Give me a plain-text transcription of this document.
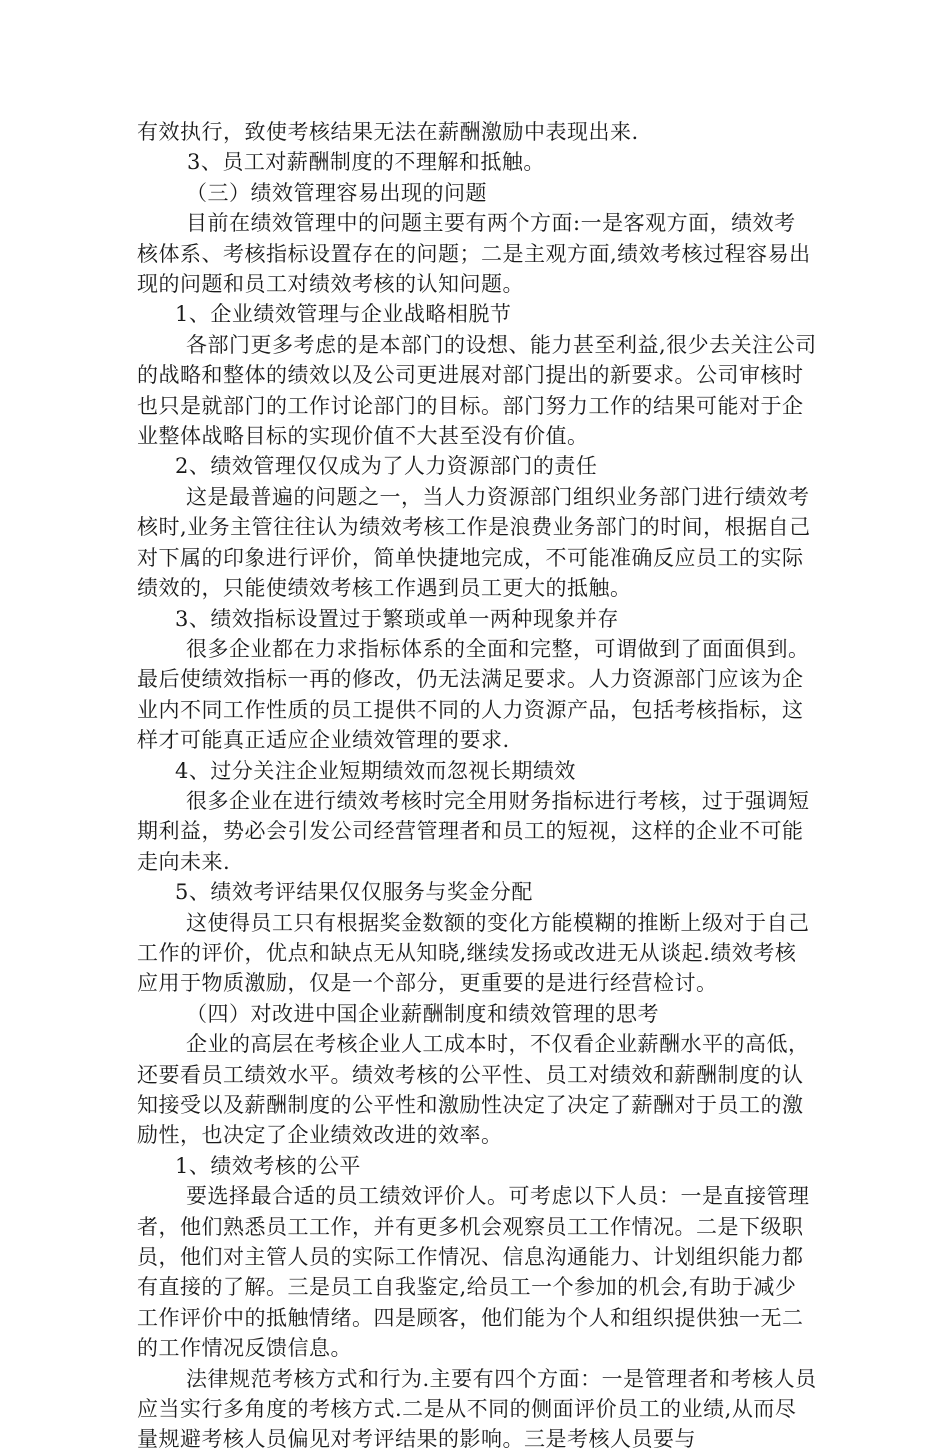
有效执行，致使考核结果无法在薪酬激励中表现出来.

3、员工对薪酬制度的不理解和抵触。

（三）绩效管理容易出现的问题

目前在绩效管理中的问题主要有两个方面:一是客观方面，绩效考核体系、考核指标设置存在的问题；二是主观方面,绩效考核过程容易出现的问题和员工对绩效考核的认知问题。

1、企业绩效管理与企业战略相脱节

各部门更多考虑的是本部门的设想、能力甚至利益,很少去关注公司的战略和整体的绩效以及公司更进展对部门提出的新要求。公司审核时也只是就部门的工作讨论部门的目标。部门努力工作的结果可能对于企业整体战略目标的实现价值不大甚至没有价值。

2、绩效管理仅仅成为了人力资源部门的责任

这是最普遍的问题之一，当人力资源部门组织业务部门进行绩效考核时,业务主管往往认为绩效考核工作是浪费业务部门的时间，根据自己对下属的印象进行评价，简单快捷地完成，不可能准确反应员工的实际绩效的，只能使绩效考核工作遇到员工更大的抵触。

3、绩效指标设置过于繁琐或单一两种现象并存

很多企业都在力求指标体系的全面和完整，可谓做到了面面俱到。最后使绩效指标一再的修改，仍无法满足要求。人力资源部门应该为企业内不同工作性质的员工提供不同的人力资源产品，包括考核指标，这样才可能真正适应企业绩效管理的要求.

4、过分关注企业短期绩效而忽视长期绩效

很多企业在进行绩效考核时完全用财务指标进行考核，过于强调短期利益，势必会引发公司经营管理者和员工的短视，这样的企业不可能走向未来.

5、绩效考评结果仅仅服务与奖金分配

这使得员工只有根据奖金数额的变化方能模糊的推断上级对于自己工作的评价，优点和缺点无从知晓,继续发扬或改进无从谈起.绩效考核应用于物质激励，仅是一个部分，更重要的是进行经营检讨。

（四）对改进中国企业薪酬制度和绩效管理的思考

企业的高层在考核企业人工成本时，不仅看企业薪酬水平的高低，还要看员工绩效水平。绩效考核的公平性、员工对绩效和薪酬制度的认知接受以及薪酬制度的公平性和激励性决定了决定了薪酬对于员工的激励性，也决定了企业绩效改进的效率。

1、绩效考核的公平

要选择最合适的员工绩效评价人。可考虑以下人员：一是直接管理者，他们熟悉员工工作，并有更多机会观察员工工作情况。二是下级职员，他们对主管人员的实际工作情况、信息沟通能力、计划组织能力都有直接的了解。三是员工自我鉴定,给员工一个参加的机会,有助于减少工作评价中的抵触情绪。四是顾客，他们能为个人和组织提供独一无二的工作情况反馈信息。

法律规范考核方式和行为.主要有四个方面：一是管理者和考核人员应当实行多角度的考核方式.二是从不同的侧面评价员工的业绩,从而尽量规避考核人员偏见对考评结果的影响。三是考核人员要与
